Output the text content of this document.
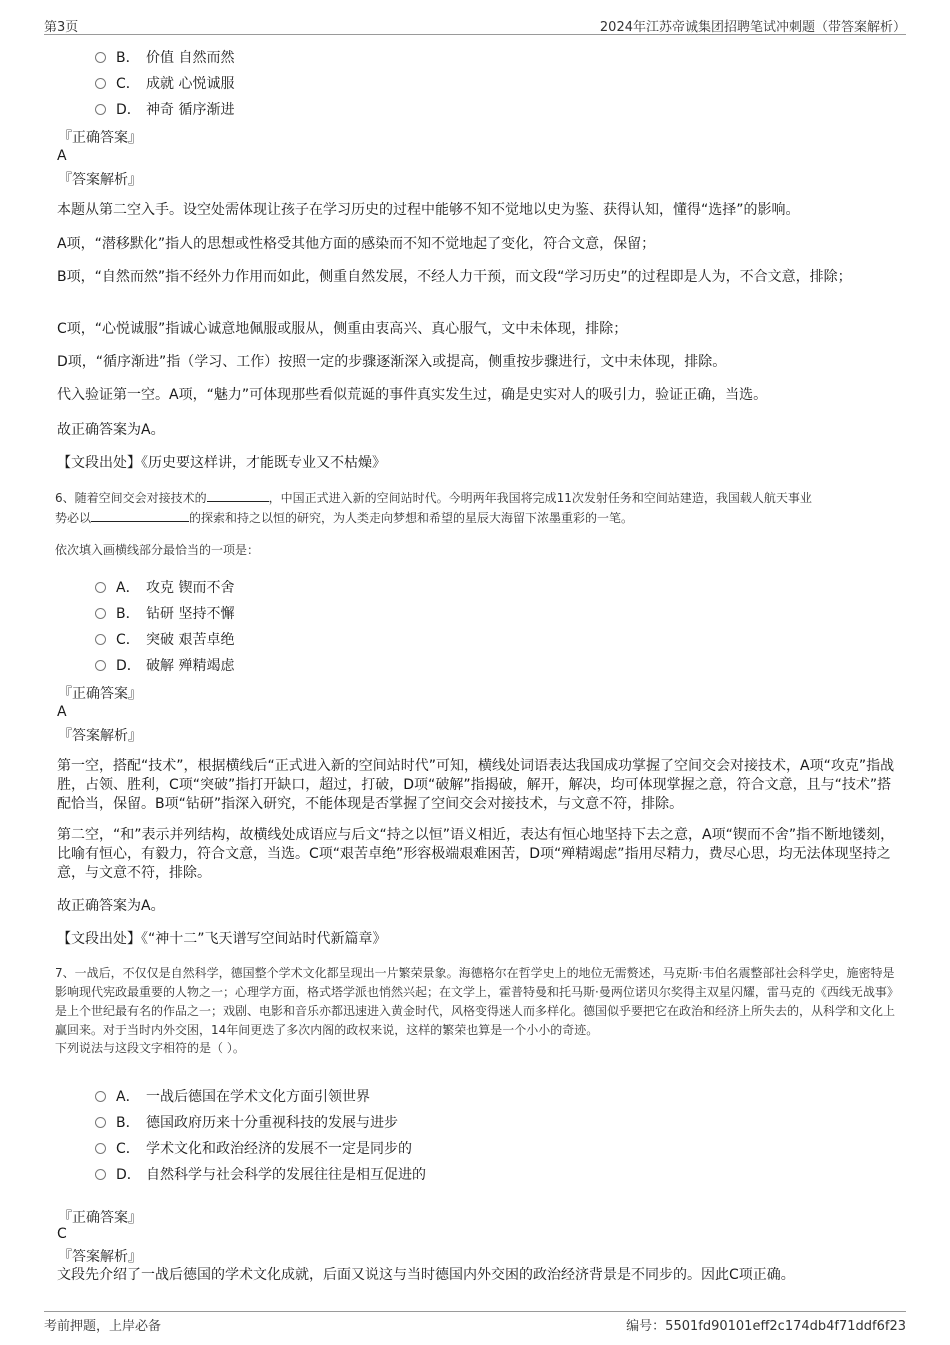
第3页	2024年江苏帝诚集团招聘笔试冲刺题（带答案解析）
B． 价值 自然而然
C． 成就 心悦诚服
D． 神奇 循序渐进
『正确答案』
A
『答案解析』
本题从第二空入手。设空处需体现让孩子在学习历史的过程中能够不知不觉地以史为鉴、获得认知，懂得“选择”的影响。
A项，“潜移默化”指人的思想或性格受其他方面的感染而不知不觉地起了变化，符合文意，保留；
B项，“自然而然”指不经外力作用而如此，侧重自然发展，不经人力干预，而文段“学习历史”的过程即是人为，不合文意，排除；
C项，“心悦诚服”指诚心诚意地佩服或服从，侧重由衷高兴、真心服气，文中未体现，排除；
D项，“循序渐进”指（学习、工作）按照一定的步骤逐渐深入或提高，侧重按步骤进行，文中未体现，排除。
代入验证第一空。A项，“魅力”可体现那些看似荒诞的事件真实发生过，确是史实对人的吸引力，验证正确，当选。
故正确答案为A。
【文段出处】《历史要这样讲，才能既专业又不枯燥》
6、随着空间交会对接技术的	，中国正式进入新的空间站时代。今明两年我国将完成11次发射任务和空间站建造，我国载人航天事业
势必以	的探索和持之以恒的研究，为人类走向梦想和希望的星辰大海留下浓墨重彩的一笔。
依次填入画横线部分最恰当的一项是：
A． 攻克 锲而不舍
B． 钻研 坚持不懈
C． 突破 艰苦卓绝
D． 破解 殚精竭虑
『正确答案』
A
『答案解析』
第一空，搭配“技术”，根据横线后“正式进入新的空间站时代”可知，横线处词语表达我国成功掌握了空间交会对接技术，A项“攻克”指战胜，占领、胜利，C项“突破”指打开缺口，超过，打破，D项“破解”指揭破，解开，解决，均可体现掌握之意，符合文意，且与“技术”搭配恰当，保留。B项“钻研”指深入研究，不能体现是否掌握了空间交会对接技术，与文意不符，排除。
第二空，“和”表示并列结构，故横线处成语应与后文“持之以恒”语义相近，表达有恒心地坚持下去之意，A项“锲而不舍”指不断地镂刻，比喻有恒心，有毅力，符合文意，当选。C项“艰苦卓绝”形容极端艰难困苦，D项“殚精竭虑”指用尽精力，费尽心思，均无法体现坚持之意，与文意不符，排除。
故正确答案为A。
【文段出处】《“神十二”飞天谱写空间站时代新篇章》
7、一战后，不仅仅是自然科学，德国整个学术文化都呈现出一片繁荣景象。海德格尔在哲学史上的地位无需赘述，马克斯·韦伯名震整部社会科学史，施密特是影响现代宪政最重要的人物之一；心理学方面，格式塔学派也悄然兴起；在文学上，霍普特曼和托马斯·曼两位诺贝尔奖得主双星闪耀，雷马克的《西线无战事》是上个世纪最有名的作品之一；戏剧、电影和音乐亦都迅速进入黄金时代，风格变得迷人而多样化。德国似乎要把它在政治和经济上所失去的，从科学和文化上赢回来。对于当时内外交困，14年间更迭了多次内阁的政权来说，这样的繁荣也算是一个小小的奇迹。
下列说法与这段文字相符的是（ ）。
A． 一战后德国在学术文化方面引领世界
B． 德国政府历来十分重视科技的发展与进步
C． 学术文化和政治经济的发展不一定是同步的
D． 自然科学与社会科学的发展往往是相互促进的
『正确答案』
C
『答案解析』
文段先介绍了一战后德国的学术文化成就，后面又说这与当时德国内外交困的政治经济背景是不同步的。因此C项正确。
考前押题，上岸必备	编号：5501fd90101eff2c174db4f71ddf6f23
